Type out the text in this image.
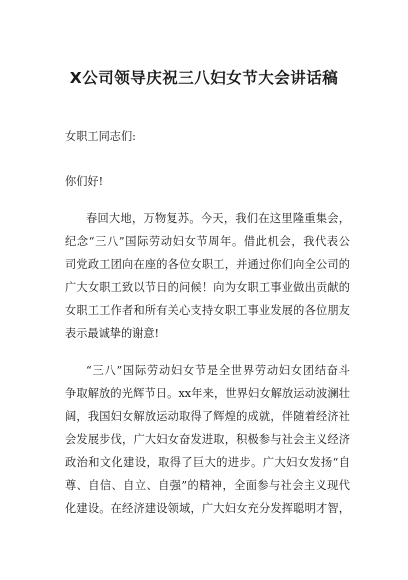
X公司领导庆祝三八妇女节大会讲话稿

女职工同志们:

你们好!

春回大地，万物复苏。今天，我们在这里隆重集会，

纪念“三八”国际劳动妇女节周年。借此机会，我代表公

司党政工团向在座的各位女职工，并通过你们向全公司的

广大女职工致以节日的问候！向为女职工事业做出贡献的

女职工工作者和所有关心支持女职工事业发展的各位朋友

表示最诚挚的谢意!

“三八”国际劳动妇女节是全世界劳动妇女团结奋斗

争取解放的光辉节日。xx年来，世界妇女解放运动波澜壮

阔，我国妇女解放运动取得了辉煌的成就，伴随着经济社

会发展步伐，广大妇女奋发进取，积极参与社会主义经济

政治和文化建设，取得了巨大的进步。广大妇女发扬“自

尊、自信、自立、自强”的精神，全面参与社会主义现代

化建设。在经济建设领域，广大妇女充分发挥聪明才智，
